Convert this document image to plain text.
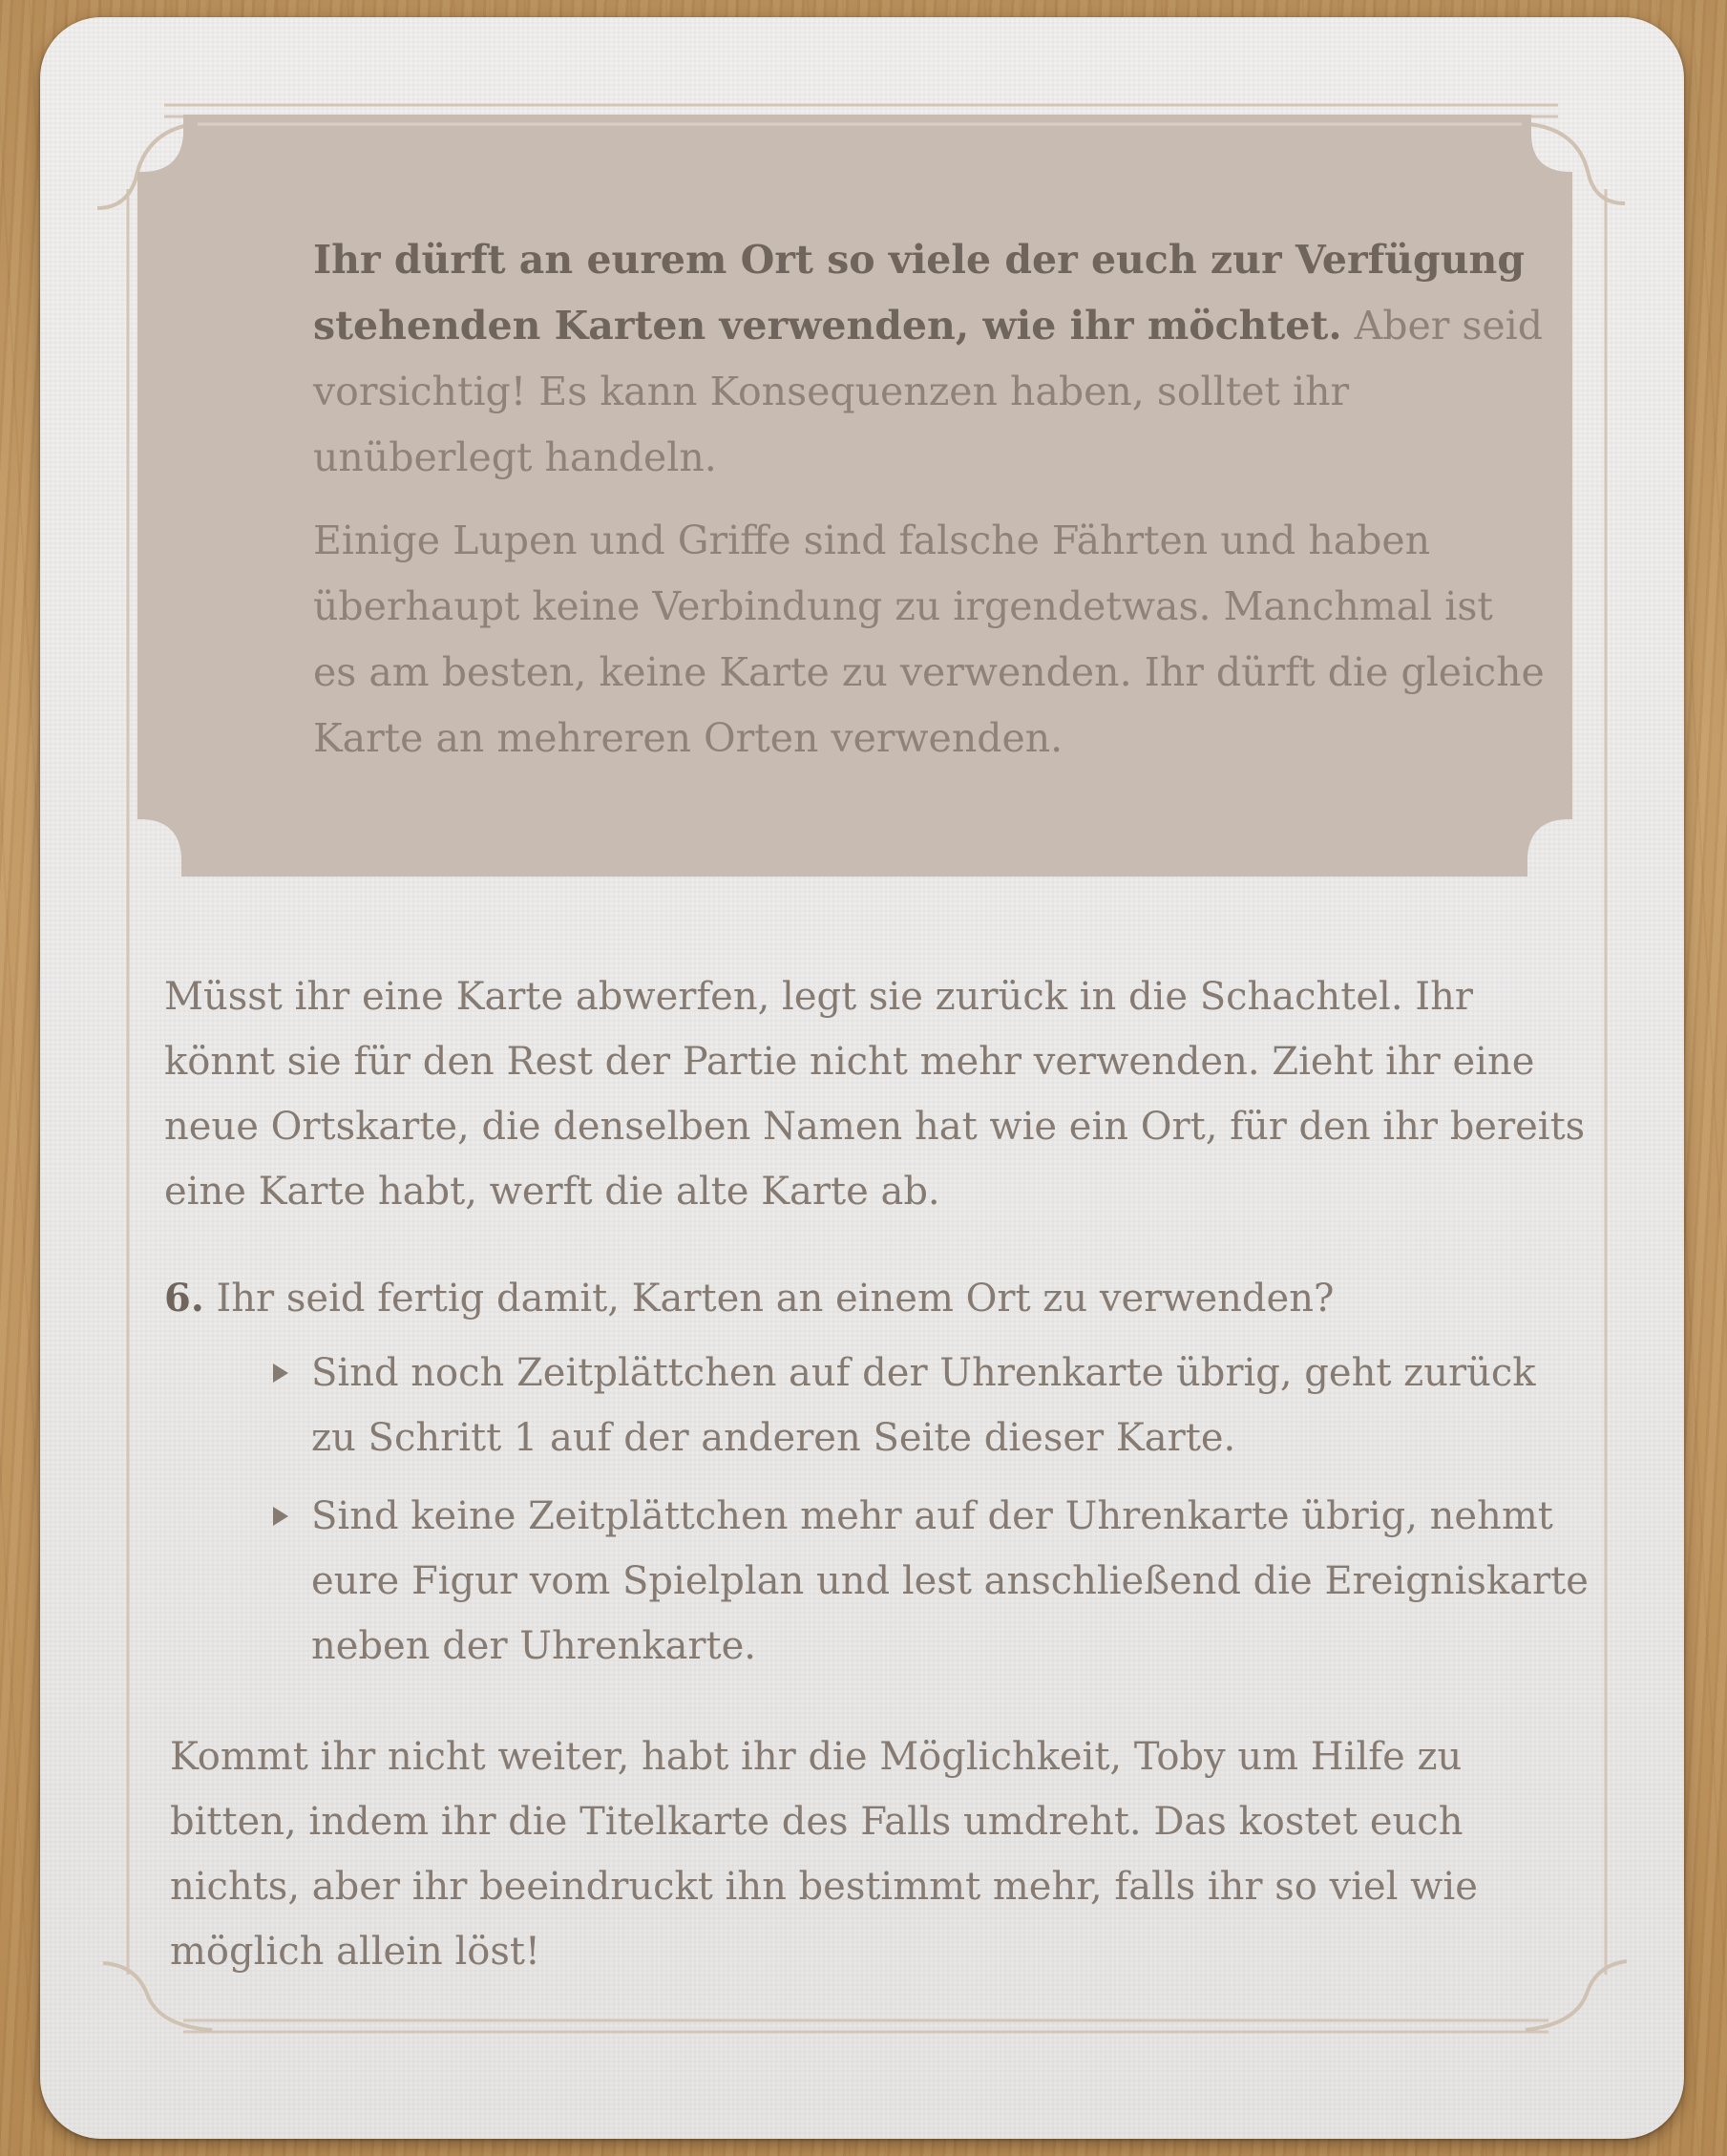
Ihr dürft an eurem Ort so viele der euch zur Verfügung stehenden Karten verwenden, wie ihr möchtet. Aber seid vorsichtig! Es kann Konsequenzen haben, solltet ihr unüberlegt handeln.

Einige Lupen und Griffe sind falsche Fährten und haben überhaupt keine Verbindung zu irgendetwas. Manchmal ist es am besten, keine Karte zu verwenden. Ihr dürft die gleiche Karte an mehreren Orten verwenden.

Müsst ihr eine Karte abwerfen, legt sie zurück in die Schachtel. Ihr könnt sie für den Rest der Partie nicht mehr verwenden. Zieht ihr eine neue Ortskarte, die denselben Namen hat wie ein Ort, für den ihr bereits eine Karte habt, werft die alte Karte ab.

6. Ihr seid fertig damit, Karten an einem Ort zu verwenden?
Sind noch Zeitplättchen auf der Uhrenkarte übrig, geht zurück zu Schritt 1 auf der anderen Seite dieser Karte.
Sind keine Zeitplättchen mehr auf der Uhrenkarte übrig, nehmt eure Figur vom Spielplan und lest anschließend die Ereigniskarte neben der Uhrenkarte.

Kommt ihr nicht weiter, habt ihr die Möglichkeit, Toby um Hilfe zu bitten, indem ihr die Titelkarte des Falls umdreht. Das kostet euch nichts, aber ihr beeindruckt ihn bestimmt mehr, falls ihr so viel wie möglich allein löst!
